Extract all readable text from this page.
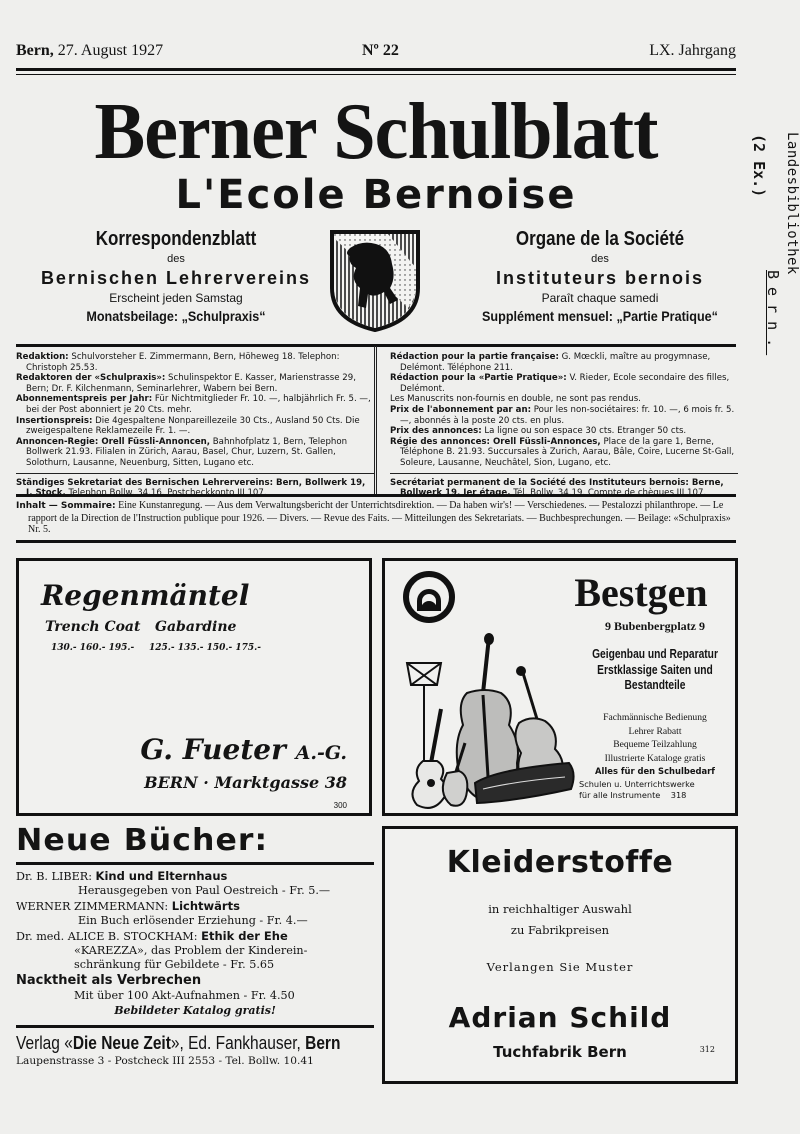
Bern, 27. August 1927	Nº 22	LX. Jahrgang
Berner Schulblatt
L'Ecole Bernoise
Korrespondenzblatt
des
Bernischen Lehrervereins
Erscheint jeden Samstag
Monatsbeilage: „Schulpraxis“
Organe de la Société
des
Instituteurs bernois
Paraît chaque samedi
Supplément mensuel: „Partie Pratique“

Redaktion: Schulvorsteher E. Zimmermann, Bern, Höheweg 18. Telephon: Christoph 25.53.

Redaktoren der «Schulpraxis»: Schulinspektor E. Kasser, Marienstrasse 29, Bern; Dr. F. Kilchenmann, Seminarlehrer, Wabern bei Bern.

Abonnementspreis per Jahr: Für Nichtmitglieder Fr. 10. —, halbjährlich Fr. 5. —, bei der Post abonniert je 20 Cts. mehr.

Insertionspreis: Die 4gespaltene Nonpareillezeile 30 Cts., Ausland 50 Cts. Die zweigespaltene Reklamezeile Fr. 1. —.

Annoncen-Regie: Orell Füssli-Annoncen, Bahnhofplatz 1, Bern, Telephon Bollwerk 21.93. Filialen in Zürich, Aarau, Basel, Chur, Luzern, St. Gallen, Solothurn, Lausanne, Neuenburg, Sitten, Lugano etc.

Ständiges Sekretariat des Bernischen Lehrervereins: Bern, Bollwerk 19, I. Stock. Telephon Bollw. 34.16. Postcheckkonto III 107.

Rédaction pour la partie française: G. Mœckli, maître au progymnase, Delémont. Téléphone 211.

Rédaction pour la «Partie Pratique»: V. Rieder, Ecole secondaire des filles, Delémont.

Les Manuscrits non-fournis en double, ne sont pas rendus.

Prix de l'abonnement par an: Pour les non-sociétaires: fr. 10. —, 6 mois fr. 5. —, abonnés à la poste 20 cts. en plus.

Prix des annonces: La ligne ou son espace 30 cts. Etranger 50 cts.

Régie des annonces: Orell Füssli-Annonces, Place de la gare 1, Berne, Téléphone B. 21.93. Succursales à Zurich, Aarau, Bâle, Coire, Lucerne St-Gall, Soleure, Lausanne, Neuchâtel, Sion, Lugano, etc.

Secrétariat permanent de la Société des Instituteurs bernois: Berne, Bollwerk 19, Ier étage. Tél. Bollw. 34.19. Compte de chèques III 107.

Inhalt — Sommaire: Eine Kunstanregung. — Aus dem Verwaltungsbericht der Unterrichtsdirektion. — Da haben wir's! — Verschiedenes. — Pestalozzi philanthrope. — Le rapport de la Direction de l'Instruction publique pour 1926. — Divers. — Revue des Faits. — Mitteilungen des Sekretariats. — Buchbesprechungen. — Beilage: «Schulpraxis» Nr. 5.

Regenmäntel
Trench Coat Gabardine
130.- 160.- 195.- 125.- 135.- 150.- 175.-
G. Fueter A.-G.
BERN · Marktgasse 38
300
Bestgen
9 Bubenbergplatz 9
Geigenbau und Reparatur
Erstklassige Saiten und
Bestandteile
Fachmännische Bedienung
Lehrer Rabatt
Bequeme Teilzahlung
Illustrierte Kataloge gratis
Alles für den Schulbedarf
Schulen u. Unterrichtswerke
für alle Instrumente 318
Neue Bücher:
Dr. B. LIBER: Kind und Elternhaus
Herausgegeben von Paul Oestreich - Fr. 5.—
WERNER ZIMMERMANN: Lichtwärts
Ein Buch erlösender Erziehung - Fr. 4.—
Dr. med. ALICE B. STOCKHAM: Ethik der Ehe
«KAREZZA», das Problem der Kinderein-
schränkung für Gebildete - Fr. 5.65
Nacktheit als Verbrechen
Mit über 100 Akt-Aufnahmen - Fr. 4.50
Bebildeter Katalog gratis!
Verlag «Die Neue Zeit», Ed. Fankhauser, Bern
Laupenstrasse 3 - Postcheck III 2553 - Tel. Bollw. 10.41
Kleiderstoffe
in reichhaltiger Auswahl
zu Fabrikpreisen
Verlangen Sie Muster
Adrian Schild
Tuchfabrik Bern	312
Landesbibliothek
Bern.
(2 Ex.)
